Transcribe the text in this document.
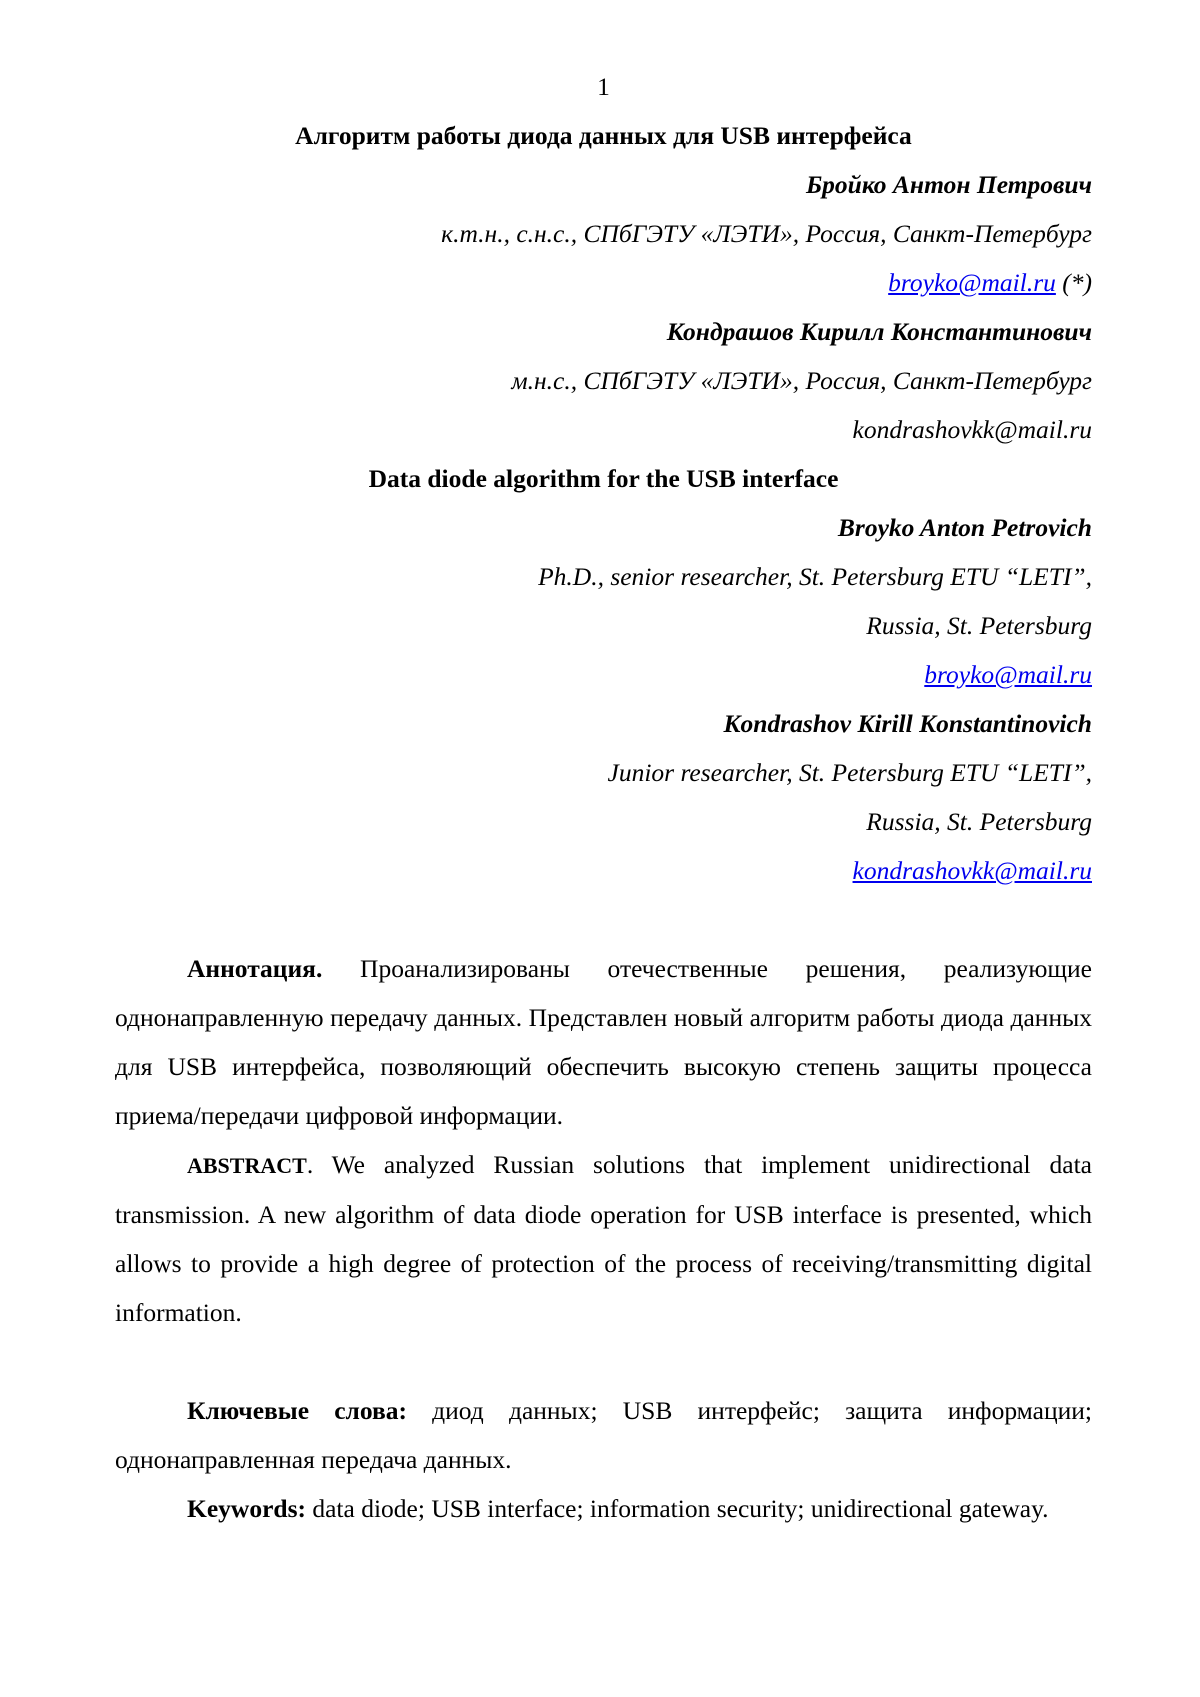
1
Алгоритм работы диода данных для USB интерфейса
Бройко Антон Петрович
к.т.н., с.н.с., СПбГЭТУ «ЛЭТИ», Россия, Санкт-Петербург
broyko@mail.ru (*)
Кондрашов Кирилл Константинович
м.н.с., СПбГЭТУ «ЛЭТИ», Россия, Санкт-Петербург
kondrashovkk@mail.ru
Data diode algorithm for the USB interface
Broyko Anton Petrovich
Ph.D., senior researcher, St. Petersburg ETU “LETI”,
Russia, St. Petersburg
broyko@mail.ru
Kondrashov Kirill Konstantinovich
Junior researcher, St. Petersburg ETU “LETI”,
Russia, St. Petersburg
kondrashovkk@mail.ru

Аннотация. Проанализированы отечественные решения, реализующие однонаправленную передачу данных. Представлен новый алгоритм работы диода данных для USB интерфейса, позволяющий обеспечить высокую степень защиты процесса приема/передачи цифровой информации.

ABSTRACT. We analyzed Russian solutions that implement unidirectional data transmission. A new algorithm of data diode operation for USB interface is presented, which allows to provide a high degree of protection of the process of receiving/transmitting digital information.

Ключевые слова: диод данных; USB интерфейс; защита информации; однонаправленная передача данных.

Keywords: data diode; USB interface; information security; unidirectional gateway.
